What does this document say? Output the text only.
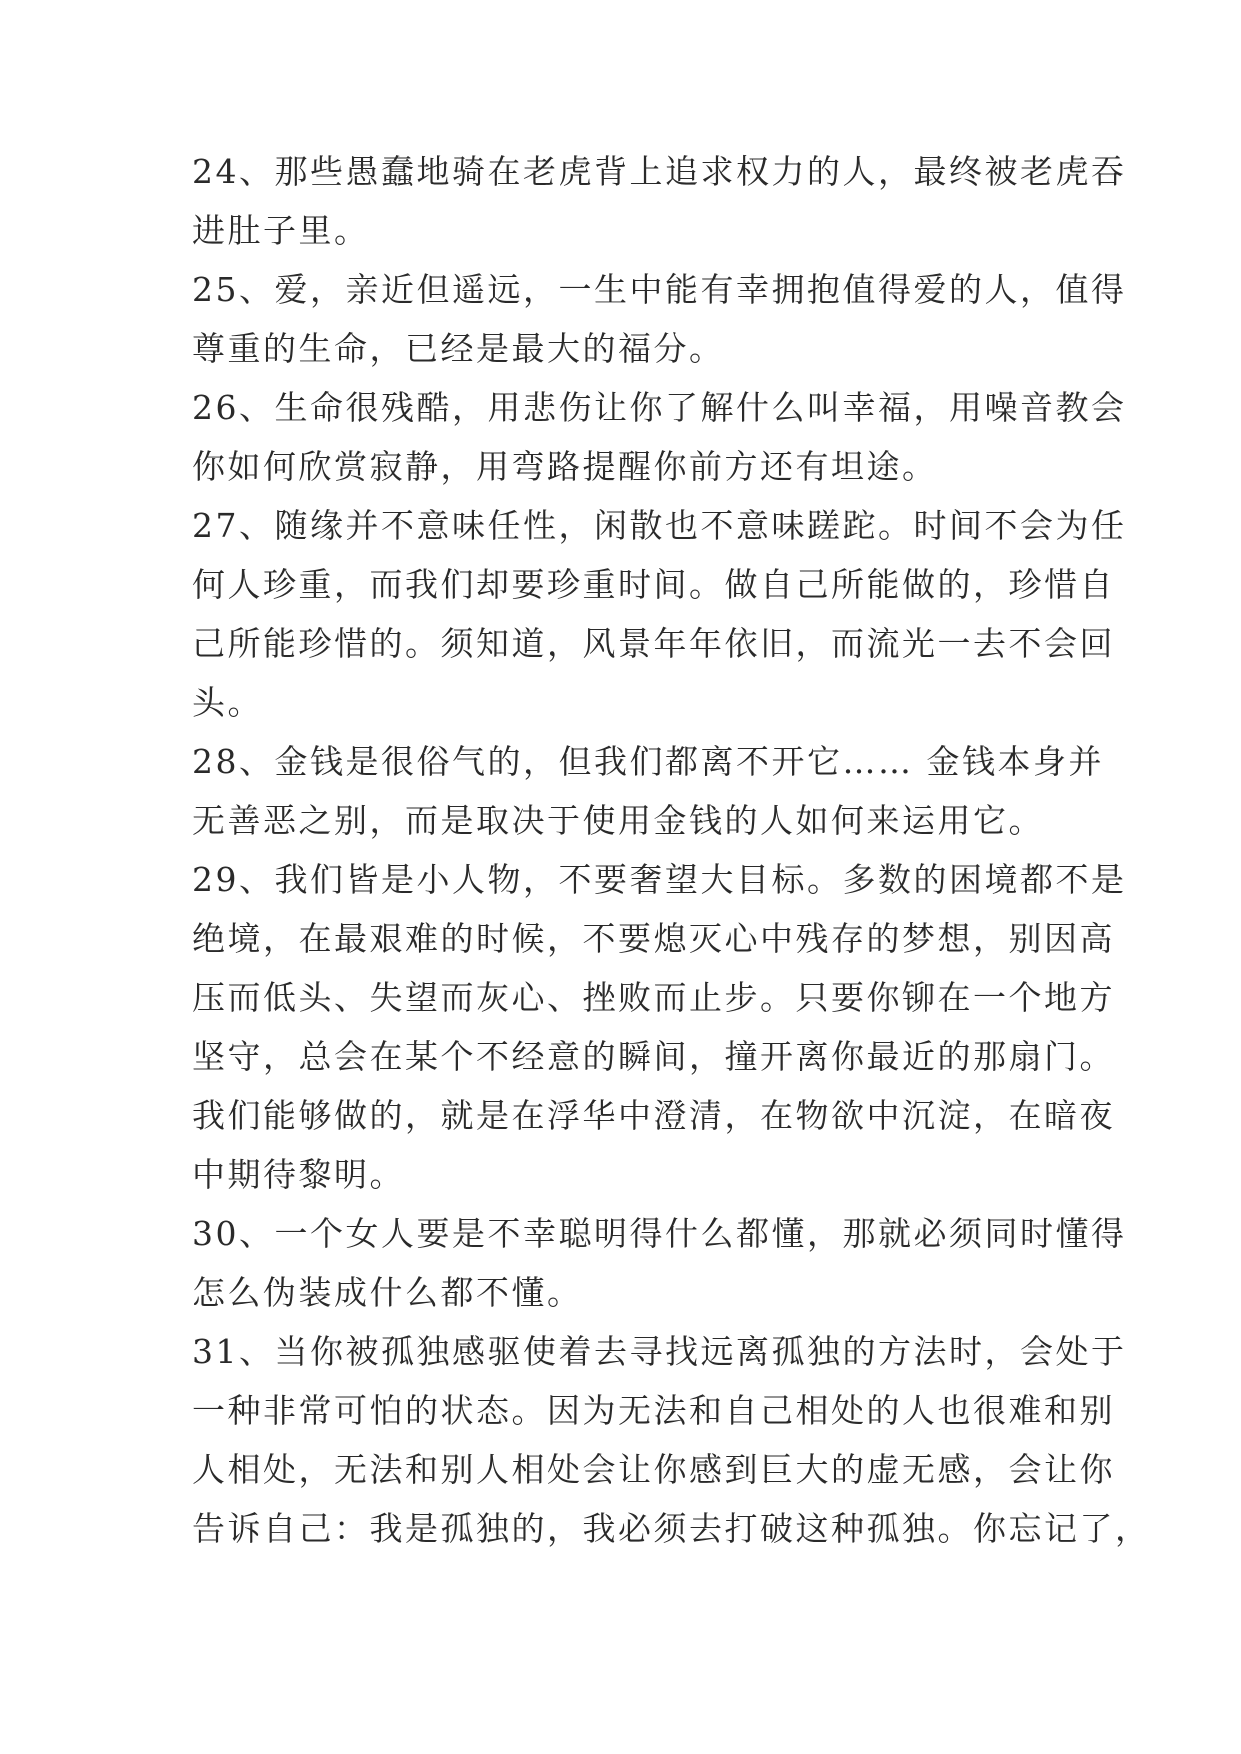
24、那些愚蠢地骑在老虎背上追求权力的人，最终被老虎吞

进肚子里。

25、爱，亲近但遥远，一生中能有幸拥抱值得爱的人，值得

尊重的生命，已经是最大的福分。

26、生命很残酷，用悲伤让你了解什么叫幸福，用噪音教会

你如何欣赏寂静，用弯路提醒你前方还有坦途。

27、随缘并不意味任性，闲散也不意味蹉跎。时间不会为任

何人珍重，而我们却要珍重时间。做自己所能做的，珍惜自

己所能珍惜的。须知道，风景年年依旧，而流光一去不会回

头。

28、金钱是很俗气的，但我们都离不开它…… 金钱本身并

无善恶之别，而是取决于使用金钱的人如何来运用它。

29、我们皆是小人物，不要奢望大目标。多数的困境都不是

绝境，在最艰难的时候，不要熄灭心中残存的梦想，别因高

压而低头、失望而灰心、挫败而止步。只要你铆在一个地方

坚守，总会在某个不经意的瞬间，撞开离你最近的那扇门。

我们能够做的，就是在浮华中澄清，在物欲中沉淀，在暗夜

中期待黎明。

30、一个女人要是不幸聪明得什么都懂，那就必须同时懂得

怎么伪装成什么都不懂。

31、当你被孤独感驱使着去寻找远离孤独的方法时，会处于

一种非常可怕的状态。因为无法和自己相处的人也很难和别

人相处，无法和别人相处会让你感到巨大的虚无感，会让你

告诉自己：我是孤独的，我必须去打破这种孤独。你忘记了，
